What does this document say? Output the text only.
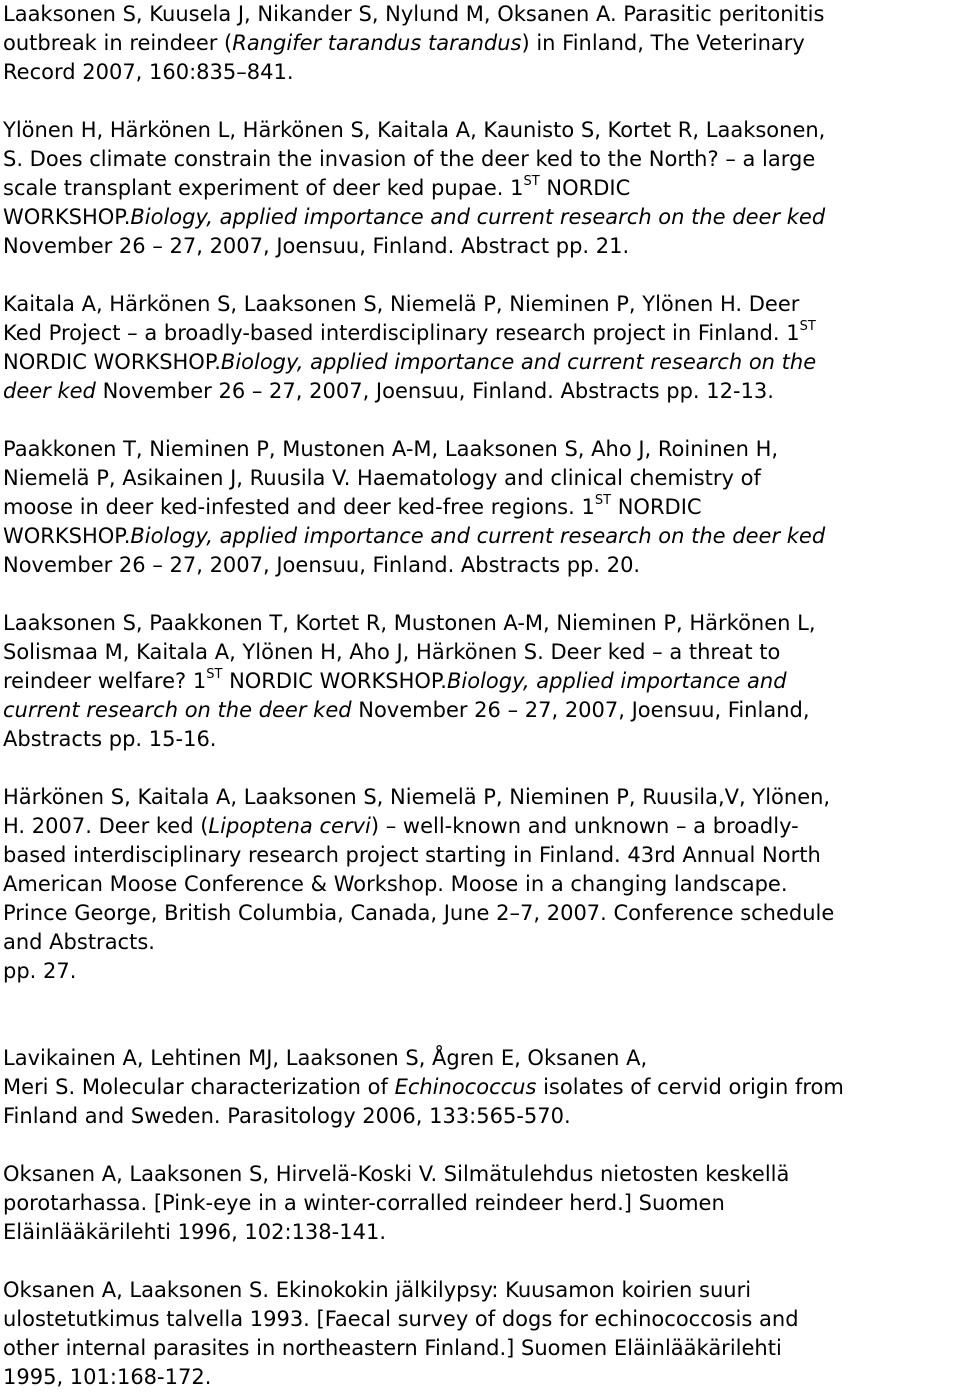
Laaksonen S, Kuusela J, Nikander S, Nylund M, Oksanen A. Parasitic peritonitis
outbreak in reindeer (Rangifer tarandus tarandus) in Finland, The Veterinary
Record 2007, 160:835–841.
Ylönen H, Härkönen L, Härkönen S, Kaitala A, Kaunisto S, Kortet R, Laaksonen,
S. Does climate constrain the invasion of the deer ked to the North? – a large
scale transplant experiment of deer ked pupae. 1ST NORDIC
WORKSHOP.Biology, applied importance and current research on the deer ked
November 26 – 27, 2007, Joensuu, Finland. Abstract pp. 21.
Kaitala A, Härkönen S, Laaksonen S, Niemelä P, Nieminen P, Ylönen H. Deer
Ked Project – a broadly-based interdisciplinary research project in Finland. 1ST
NORDIC WORKSHOP.Biology, applied importance and current research on the
deer ked November 26 – 27, 2007, Joensuu, Finland. Abstracts pp. 12-13.
Paakkonen T, Nieminen P, Mustonen A-M, Laaksonen S, Aho J, Roininen H,
Niemelä P, Asikainen J, Ruusila V. Haematology and clinical chemistry of
moose in deer ked-infested and deer ked-free regions. 1ST NORDIC
WORKSHOP.Biology, applied importance and current research on the deer ked
November 26 – 27, 2007, Joensuu, Finland. Abstracts pp. 20.
Laaksonen S, Paakkonen T, Kortet R, Mustonen A-M, Nieminen P, Härkönen L,
Solismaa M, Kaitala A, Ylönen H, Aho J, Härkönen S. Deer ked – a threat to
reindeer welfare? 1ST NORDIC WORKSHOP.Biology, applied importance and
current research on the deer ked November 26 – 27, 2007, Joensuu, Finland,
Abstracts pp. 15-16.
Härkönen S, Kaitala A, Laaksonen S, Niemelä P, Nieminen P, Ruusila,V, Ylönen,
H. 2007. Deer ked (Lipoptena cervi) – well-known and unknown – a broadly-
based interdisciplinary research project starting in Finland. 43rd Annual North
American Moose Conference & Workshop. Moose in a changing landscape.
Prince George, British Columbia, Canada, June 2–7, 2007. Conference schedule
and Abstracts.
pp. 27.
Lavikainen A, Lehtinen MJ, Laaksonen S, Ågren E, Oksanen A,
Meri S. Molecular characterization of Echinococcus isolates of cervid origin from
Finland and Sweden. Parasitology 2006, 133:565-570.
Oksanen A, Laaksonen S, Hirvelä-Koski V. Silmätulehdus nietosten keskellä
porotarhassa. [Pink-eye in a winter-corralled reindeer herd.] Suomen
Eläinlääkärilehti 1996, 102:138-141.
Oksanen A, Laaksonen S. Ekinokokin jälkilypsy: Kuusamon koirien suuri
ulostetutkimus talvella 1993. [Faecal survey of dogs for echinococcosis and
other internal parasites in northeastern Finland.] Suomen Eläinlääkärilehti
1995, 101:168-172.
